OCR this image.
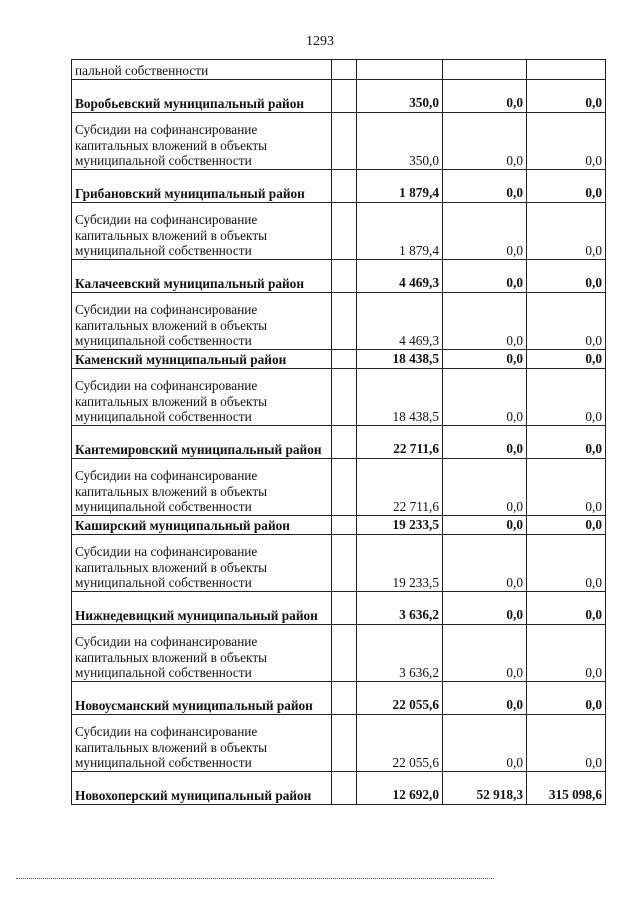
1293
пальной собственности				
Воробьевский муниципальный район		350,0	0,0	0,0
Субсидии на софинансирование капитальных вложений в объекты муниципальной собственности		350,0	0,0	0,0
Грибановский муниципальный район		1 879,4	0,0	0,0
Субсидии на софинансирование капитальных вложений в объекты муниципальной собственности		1 879,4	0,0	0,0
Калачеевский муниципальный район		4 469,3	0,0	0,0
Субсидии на софинансирование капитальных вложений в объекты муниципальной собственности		4 469,3	0,0	0,0
Каменский муниципальный район		18 438,5	0,0	0,0
Субсидии на софинансирование капитальных вложений в объекты муниципальной собственности		18 438,5	0,0	0,0
Кантемировский муниципальный район		22 711,6	0,0	0,0
Субсидии на софинансирование капитальных вложений в объекты муниципальной собственности		22 711,6	0,0	0,0
Каширский муниципальный район		19 233,5	0,0	0,0
Субсидии на софинансирование капитальных вложений в объекты муниципальной собственности		19 233,5	0,0	0,0
Нижнедевицкий муниципальный район		3 636,2	0,0	0,0
Субсидии на софинансирование капитальных вложений в объекты муниципальной собственности		3 636,2	0,0	0,0
Новоусманский муниципальный район		22 055,6	0,0	0,0
Субсидии на софинансирование капитальных вложений в объекты муниципальной собственности		22 055,6	0,0	0,0
Новохоперский муниципальный район		12 692,0	52 918,3	315 098,6
